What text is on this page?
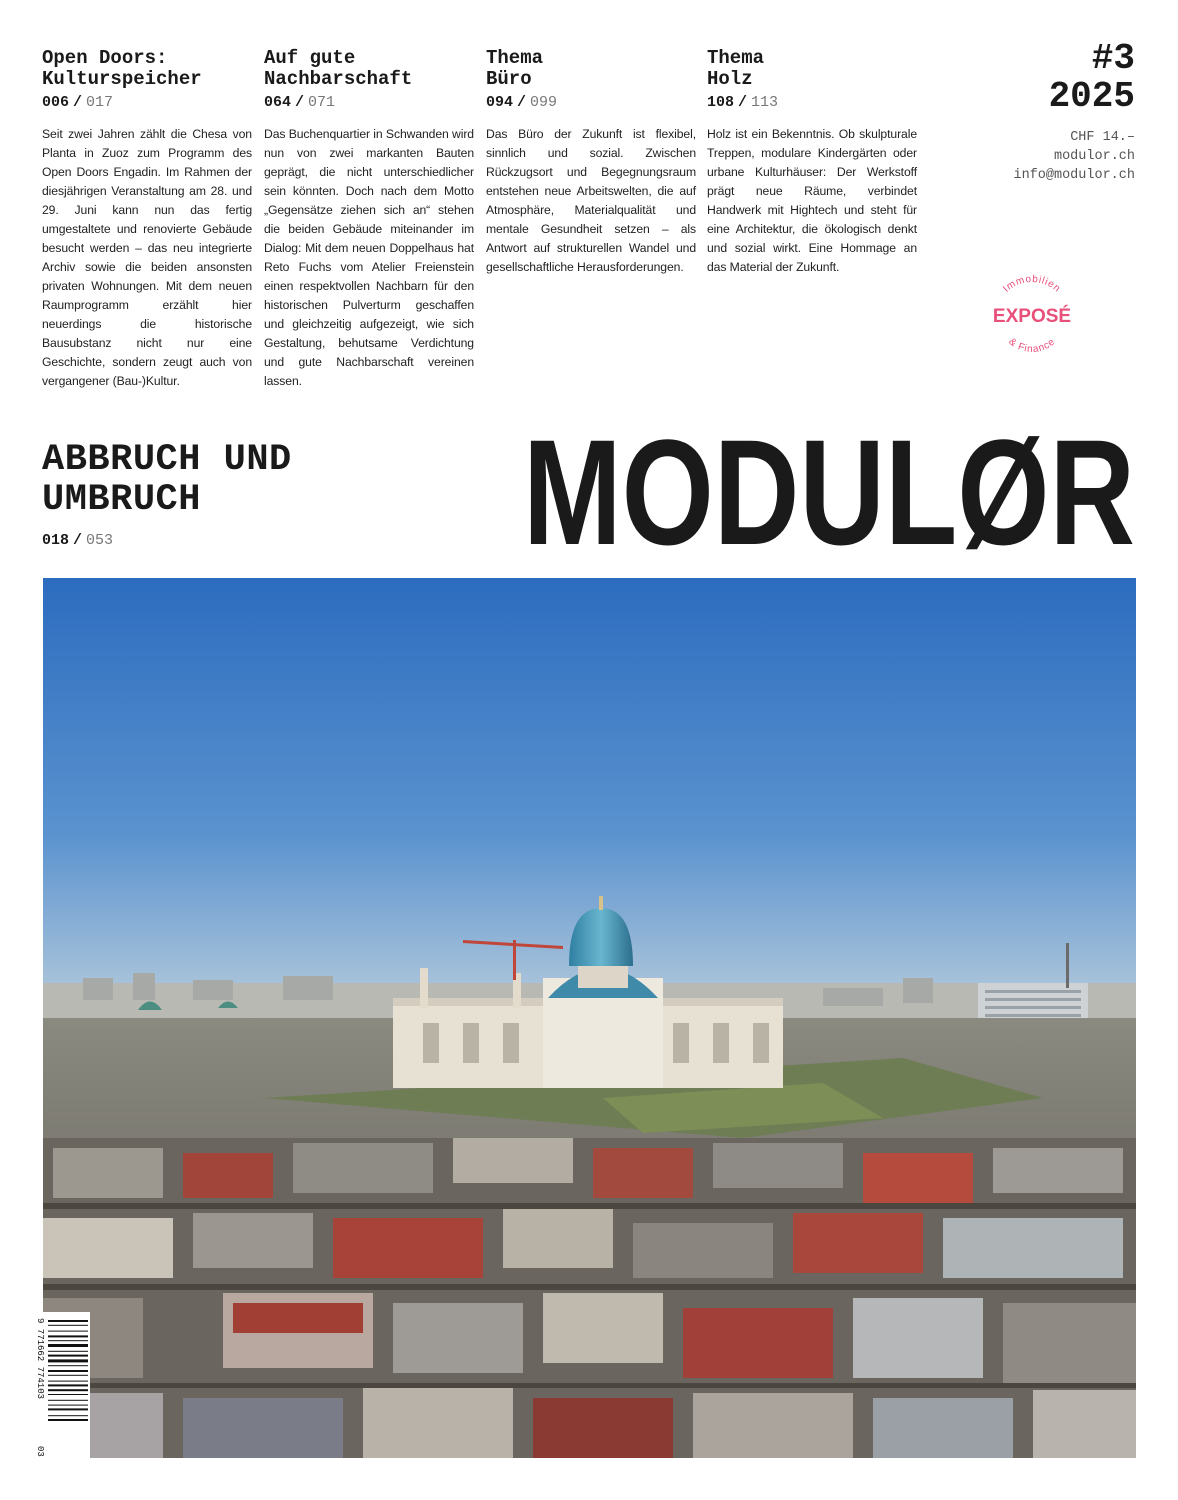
Open Doors:
Kulturspeicher
006 / 017

Seit zwei Jahren zählt die Chesa von Planta in Zuoz zum Programm des Open Doors Engadin. Im Rahmen der diesjährigen Veranstaltung am 28. und 29. Juni kann nun das fertig umgestaltete und renovierte Gebäude besucht werden – das neu integrierte Archiv sowie die beiden ansonsten privaten Wohnungen. Mit dem neuen Raumprogramm erzählt hier neuerdings die historische Bausubstanz nicht nur eine Geschichte, sondern zeugt auch von vergangener (Bau-)Kultur.

Auf gute
Nachbarschaft
064 / 071

Das Buchenquartier in Schwanden wird nun von zwei markanten Bauten geprägt, die nicht unterschiedlicher sein könnten. Doch nach dem Motto „Gegensätze ziehen sich an“ stehen die beiden Gebäude miteinander im Dialog: Mit dem neuen Doppelhaus hat Reto Fuchs vom Atelier Freienstein einen respektvollen Nachbarn für den historischen Pulverturm geschaffen und gleichzeitig aufgezeigt, wie sich Gestaltung, behutsame Verdichtung und gute Nachbarschaft vereinen lassen.

Thema
Büro
094 / 099

Das Büro der Zukunft ist flexibel, sinnlich und sozial. Zwischen Rückzugsort und Begegnungsraum entstehen neue Arbeitswelten, die auf Atmosphäre, Materialqualität und mentale Gesundheit setzen – als Antwort auf strukturellen Wandel und gesellschaftliche Herausforderungen.

Thema
Holz
108 / 113

Holz ist ein Bekenntnis. Ob skulpturale Treppen, modulare Kindergärten oder urbane Kulturhäuser: Der Werkstoff prägt neue Räume, verbindet Handwerk mit Hightech und steht für eine Architektur, die ökologisch denkt und sozial wirkt. Eine Hommage an das Material der Zukunft.

#3
2025
CHF 14.–
modulor.ch
info@modulor.ch
Immobilien
EXPOSÉ
& Finance
ABBRUCH UND
UMBRUCH
018 / 053	MODULØR
9 771662 774103
03
